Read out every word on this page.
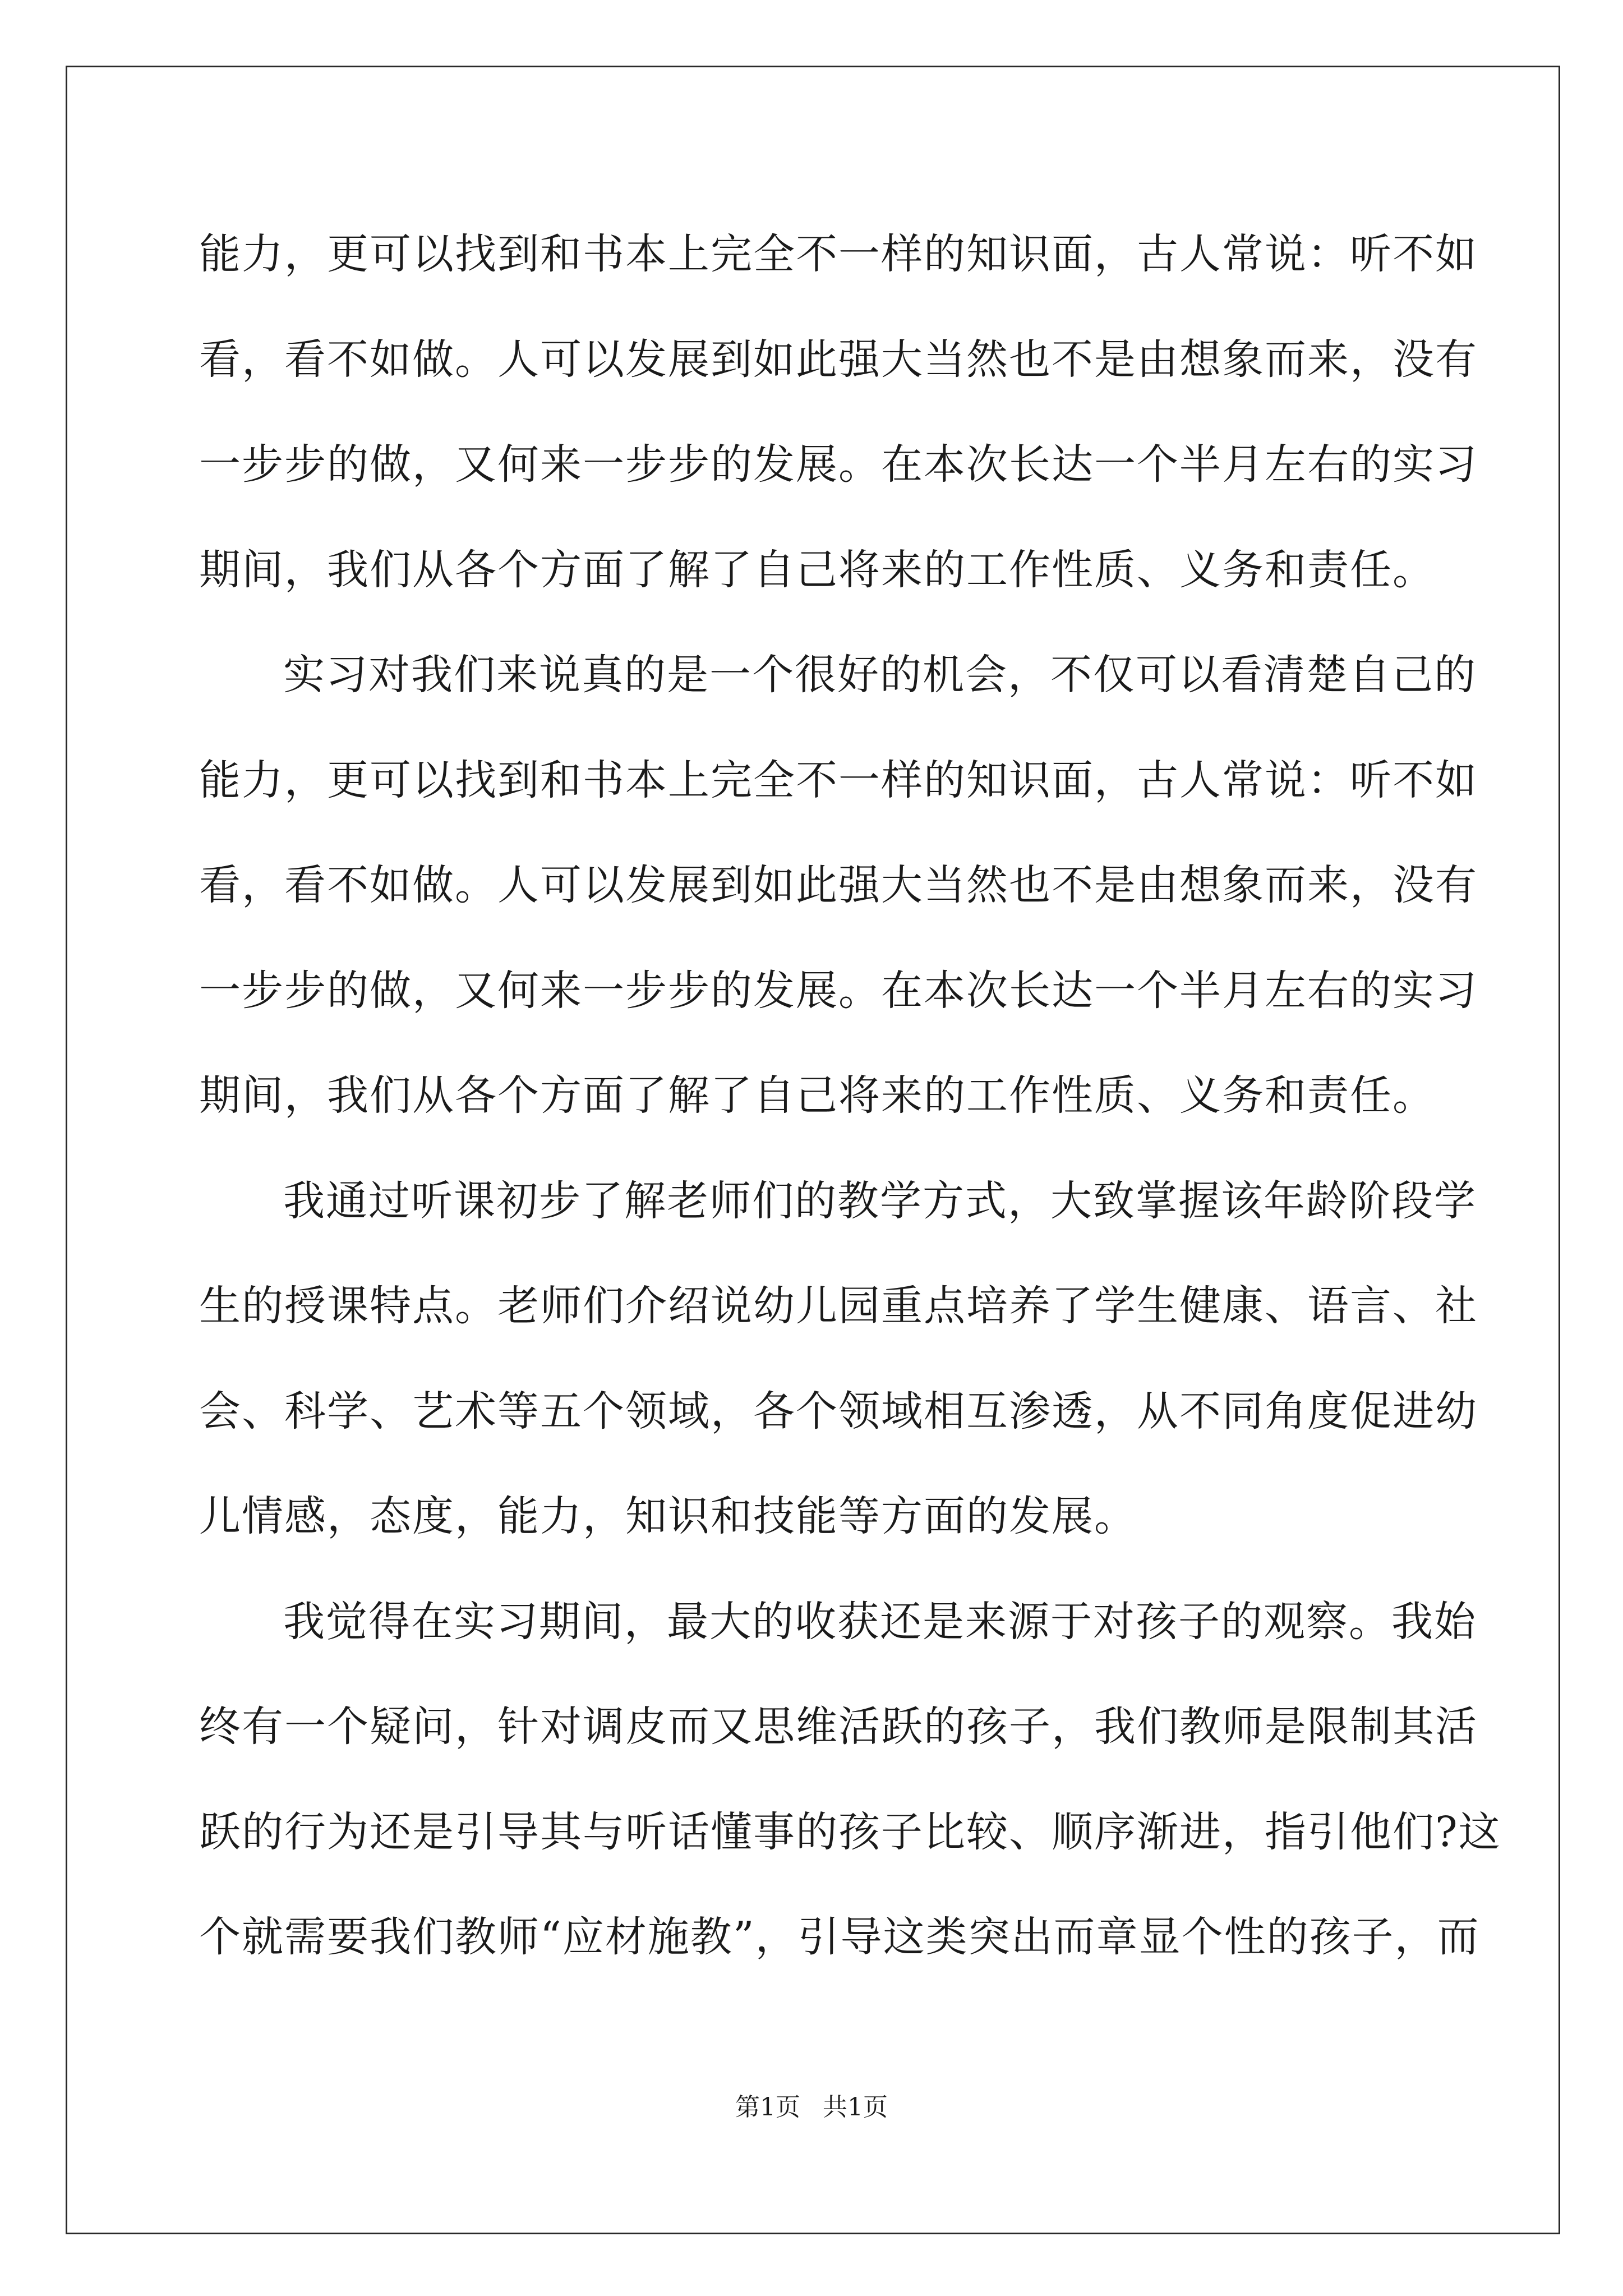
能力，更可以找到和书本上完全不一样的知识面，古人常说：听不如
看，看不如做。人可以发展到如此强大当然也不是由想象而来，没有
一步步的做，又何来一步步的发展。在本次长达一个半月左右的实习
期间，我们从各个方面了解了自己将来的工作性质、义务和责任。
实习对我们来说真的是一个很好的机会，不仅可以看清楚自己的
能力，更可以找到和书本上完全不一样的知识面，古人常说：听不如
看，看不如做。人可以发展到如此强大当然也不是由想象而来，没有
一步步的做，又何来一步步的发展。在本次长达一个半月左右的实习
期间，我们从各个方面了解了自己将来的工作性质、义务和责任。
我通过听课初步了解老师们的教学方式，大致掌握该年龄阶段学
生的授课特点。老师们介绍说幼儿园重点培养了学生健康、语言、社
会、科学、艺术等五个领域，各个领域相互渗透，从不同角度促进幼
儿情感，态度，能力，知识和技能等方面的发展。
我觉得在实习期间，最大的收获还是来源于对孩子的观察。我始
终有一个疑问，针对调皮而又思维活跃的孩子，我们教师是限制其活
跃的行为还是引导其与听话懂事的孩子比较、顺序渐进，指引他们?这
个就需要我们教师“应材施教”，引导这类突出而章显个性的孩子，而
第1页 共1页
